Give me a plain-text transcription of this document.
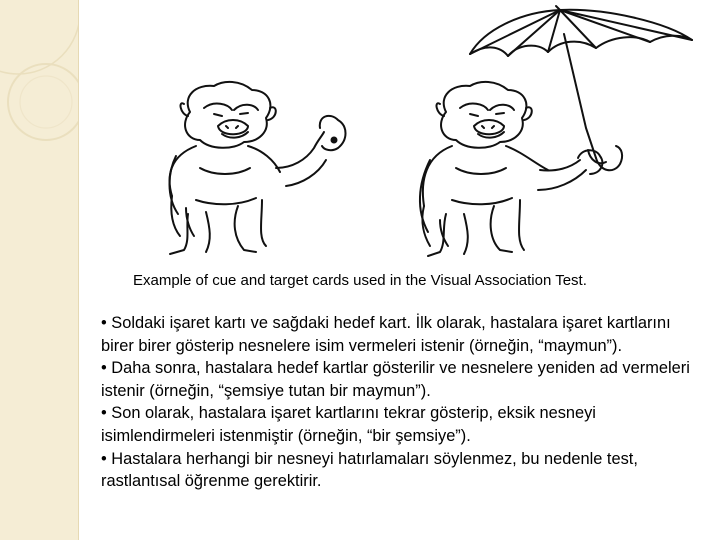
Example of cue and target cards used in the Visual Association Test.

• Soldaki işaret kartı ve sağdaki hedef kart. İlk olarak, hastalara işaret kartlarını birer birer gösterip nesnelere isim vermeleri istenir (örneğin, “maymun”).

• Daha sonra, hastalara hedef kartlar gösterilir ve nesnelere yeniden ad vermeleri istenir (örneğin, “şemsiye tutan bir maymun”).

• Son olarak, hastalara işaret kartlarını tekrar gösterip, eksik nesneyi isimlendirmeleri istenmiştir (örneğin, “bir şemsiye”).

• Hastalara herhangi bir nesneyi hatırlamaları söylenmez, bu nedenle test, rastlantısal öğrenme gerektirir.
